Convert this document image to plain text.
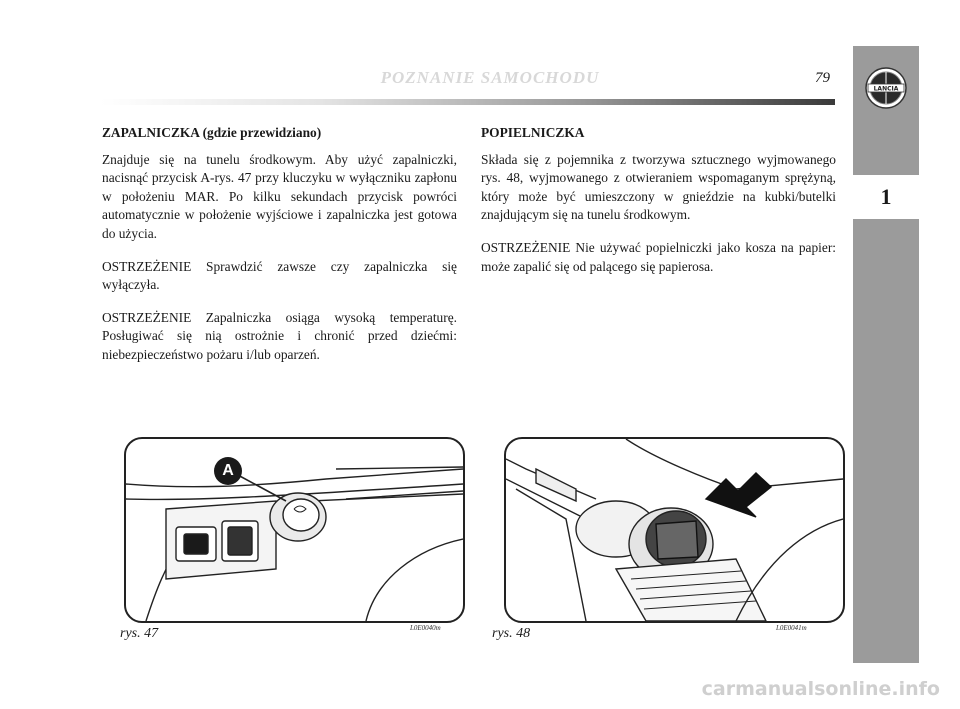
POZNANIE SAMOCHODU	79
LANCIA
1
ZAPALNICZKA (gdzie przewidziano)

Znajduje się na tunelu środkowym. Aby użyć zapalniczki, nacisnąć przycisk A-rys. 47 przy kluczyku w wyłączniku zapłonu w położeniu MAR. Po kilku sekundach przycisk powróci automatycznie w położenie wyjściowe i zapalniczka jest gotowa do użycia.

OSTRZEŻENIE Sprawdzić zawsze czy zapalniczka się wyłączyła.

OSTRZEŻENIE Zapalniczka osiąga wysoką temperaturę. Posługiwać się nią ostrożnie i chronić przed dziećmi: niebezpieczeństwo pożaru i/lub oparzeń.

POPIELNICZKA

Składa się z pojemnika z tworzywa sztucznego wyjmowanego rys. 48, wyjmowanego z otwieraniem wspomaganym sprężyną, który może być umieszczony w gnieździe na kubki/butelki znajdującym się na tunelu środkowym.

OSTRZEŻENIE Nie używać popielniczki jako kosza na papier: może zapalić się od palącego się papierosa.

A
rys. 47	L0E0040m	rys. 48	L0E0041m
carmanualsonline.info
